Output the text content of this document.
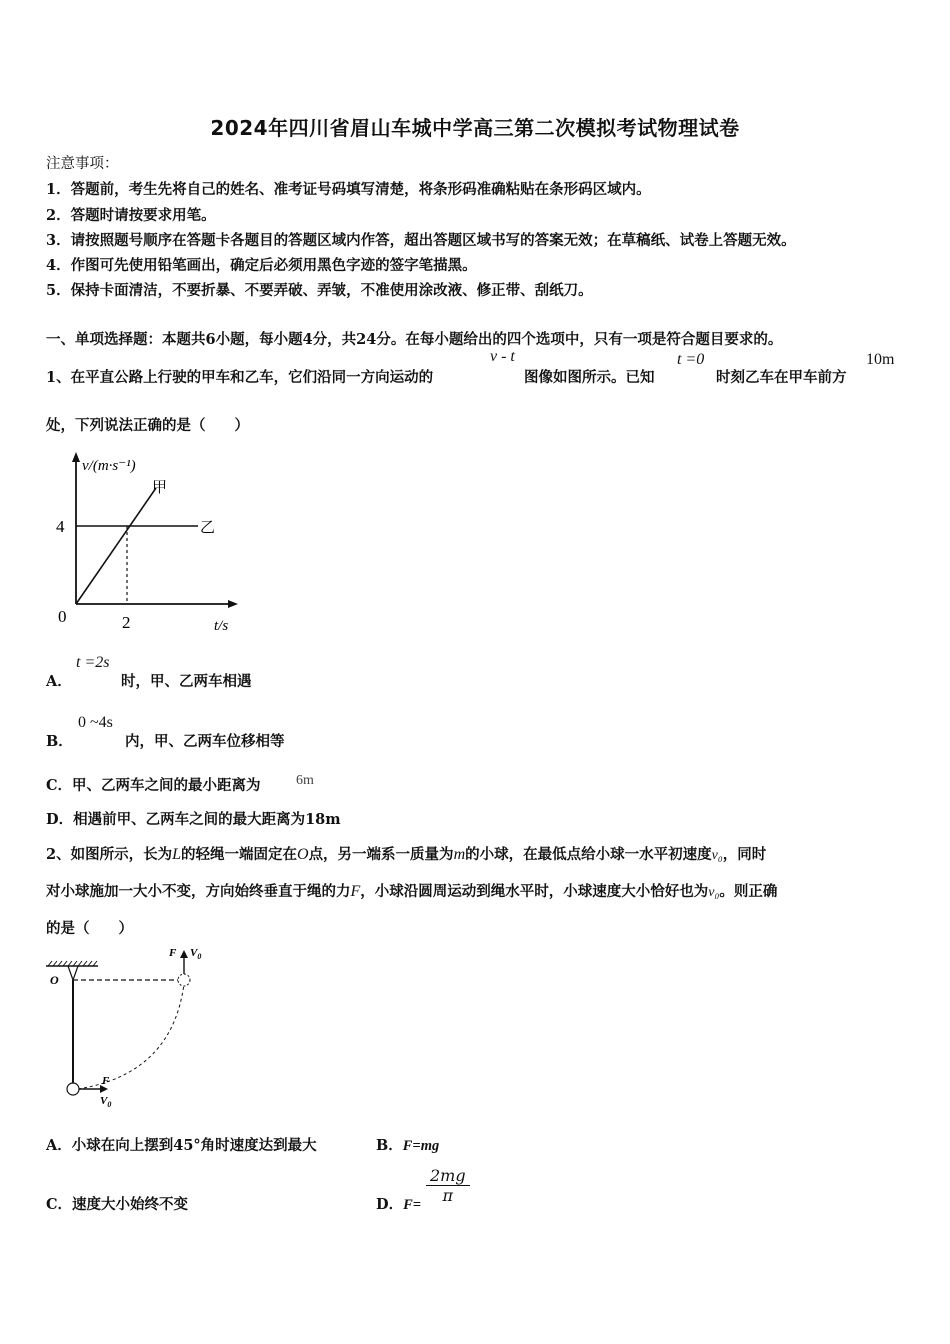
2024年四川省眉山车城中学高三第二次模拟考试物理试卷
注意事项：
1．答题前，考生先将自己的姓名、准考证号码填写清楚，将条形码准确粘贴在条形码区域内。
2．答题时请按要求用笔。
3．请按照题号顺序在答题卡各题目的答题区域内作答，超出答题区域书写的答案无效；在草稿纸、试卷上答题无效。
4．作图可先使用铅笔画出，确定后必须用黑色字迹的签字笔描黑。
5．保持卡面清洁，不要折暴、不要弄破、弄皱，不准使用涂改液、修正带、刮纸刀。
一、单项选择题：本题共6小题，每小题4分，共24分。在每小题给出的四个选项中，只有一项是符合题目要求的。
1、在平直公路上行驶的甲车和乙车，它们沿同一方向运动的
v - t
图像如图所示。已知
t =0
时刻乙车在甲车前方
10m
处，下列说法正确的是（　　）
v/(m·s⁻¹)
甲
乙
4
0	2	t/s
A．
t =2s
时，甲、乙两车相遇
B．
0 ~4s
内，甲、乙两车位移相等
C．甲、乙两车之间的最小距离为	6m
D．相遇前甲、乙两车之间的最大距离为18m
2、如图所示，长为L的轻绳一端固定在O点，另一端系一质量为m的小球，在最低点给小球一水平初速度v₀，同时
对小球施加一大小不变，方向始终垂直于绳的力F，小球沿圆周运动到绳水平时，小球速度大小恰好也为v₀。则正确
的是（　　）
O
F $V_0$
F
$V_0$
A．小球在向上摆到45°角时速度达到最大	B．F=mg
C．速度大小始终不变	D．$F= \frac{2mg}{\pi}$
